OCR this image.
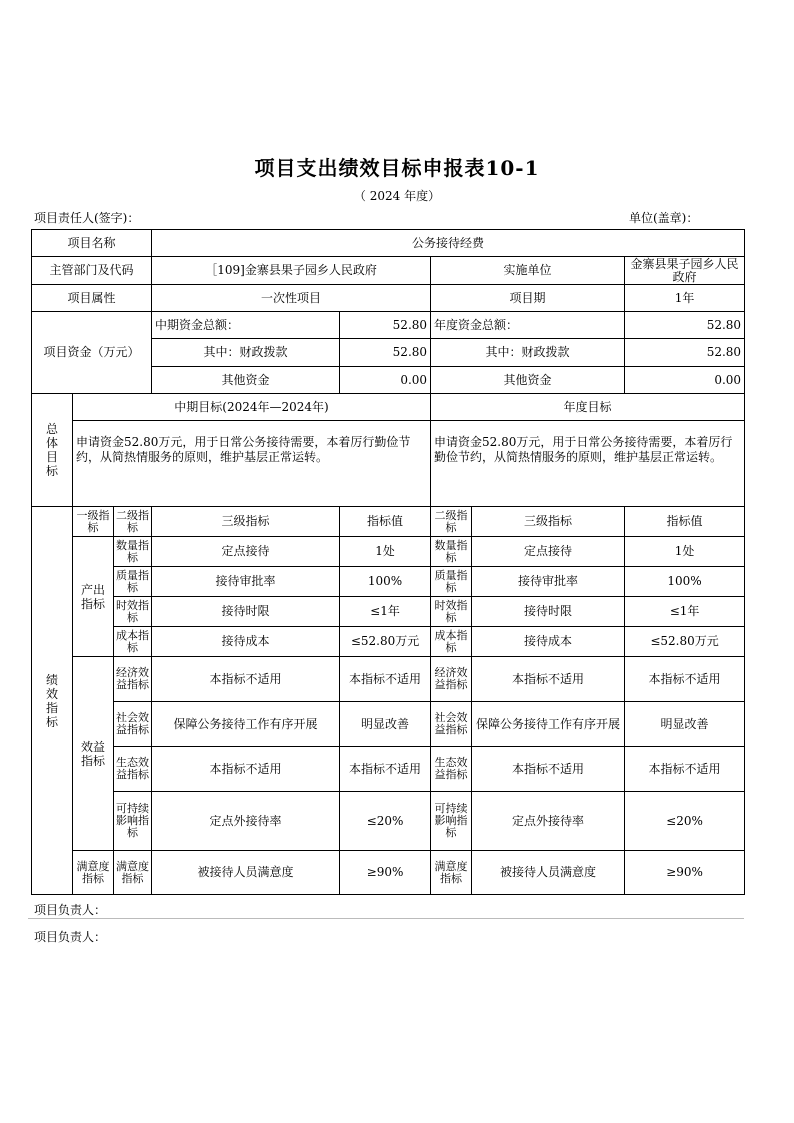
项目支出绩效目标申报表10-1
（ 2024 年度）
项目责任人(签字)：	单位(盖章)：
项目名称			公务接待经费				
主管部门及代码			［109]金寨县果子园乡人民政府		实施单位		金寨县果子园乡人民政府
项目属性			一次性项目		项目期		1年
项目资金（万元）			中期资金总额：	52.80	年度资金总额：		52.80
			其中：财政拨款	52.80	其中：财政拨款		52.80
			其他资金	0.00	其他资金		0.00
总体目标	中期目标(2024年—2024年)				年度目标		
	申请资金52.80万元，用于日常公务接待需要，本着厉行勤俭节约，从简热情服务的原则，维护基层正常运转。				申请资金52.80万元，用于日常公务接待需要，本着厉行勤俭节约，从简热情服务的原则，维护基层正常运转。		
绩效指标	一级指标	二级指标	三级指标	指标值	二级指标	三级指标	指标值
	产出指标	数量指标	定点接待	1处	数量指标	定点接待	1处
		质量指标	接待审批率	100%	质量指标	接待审批率	100%
		时效指标	接待时限	≤1年	时效指标	接待时限	≤1年
		成本指标	接待成本	≤52.80万元	成本指标	接待成本	≤52.80万元
	效益指标	经济效益指标	本指标不适用	本指标不适用	经济效益指标	本指标不适用	本指标不适用
		社会效益指标	保障公务接待工作有序开展	明显改善	社会效益指标	保障公务接待工作有序开展	明显改善
		生态效益指标	本指标不适用	本指标不适用	生态效益指标	本指标不适用	本指标不适用
		可持续影响指标	定点外接待率	≤20%	可持续影响指标	定点外接待率	≤20%
	满意度指标	满意度指标	被接待人员满意度	≥90%	满意度指标	被接待人员满意度	≥90%
项目负责人：
项目负责人：
